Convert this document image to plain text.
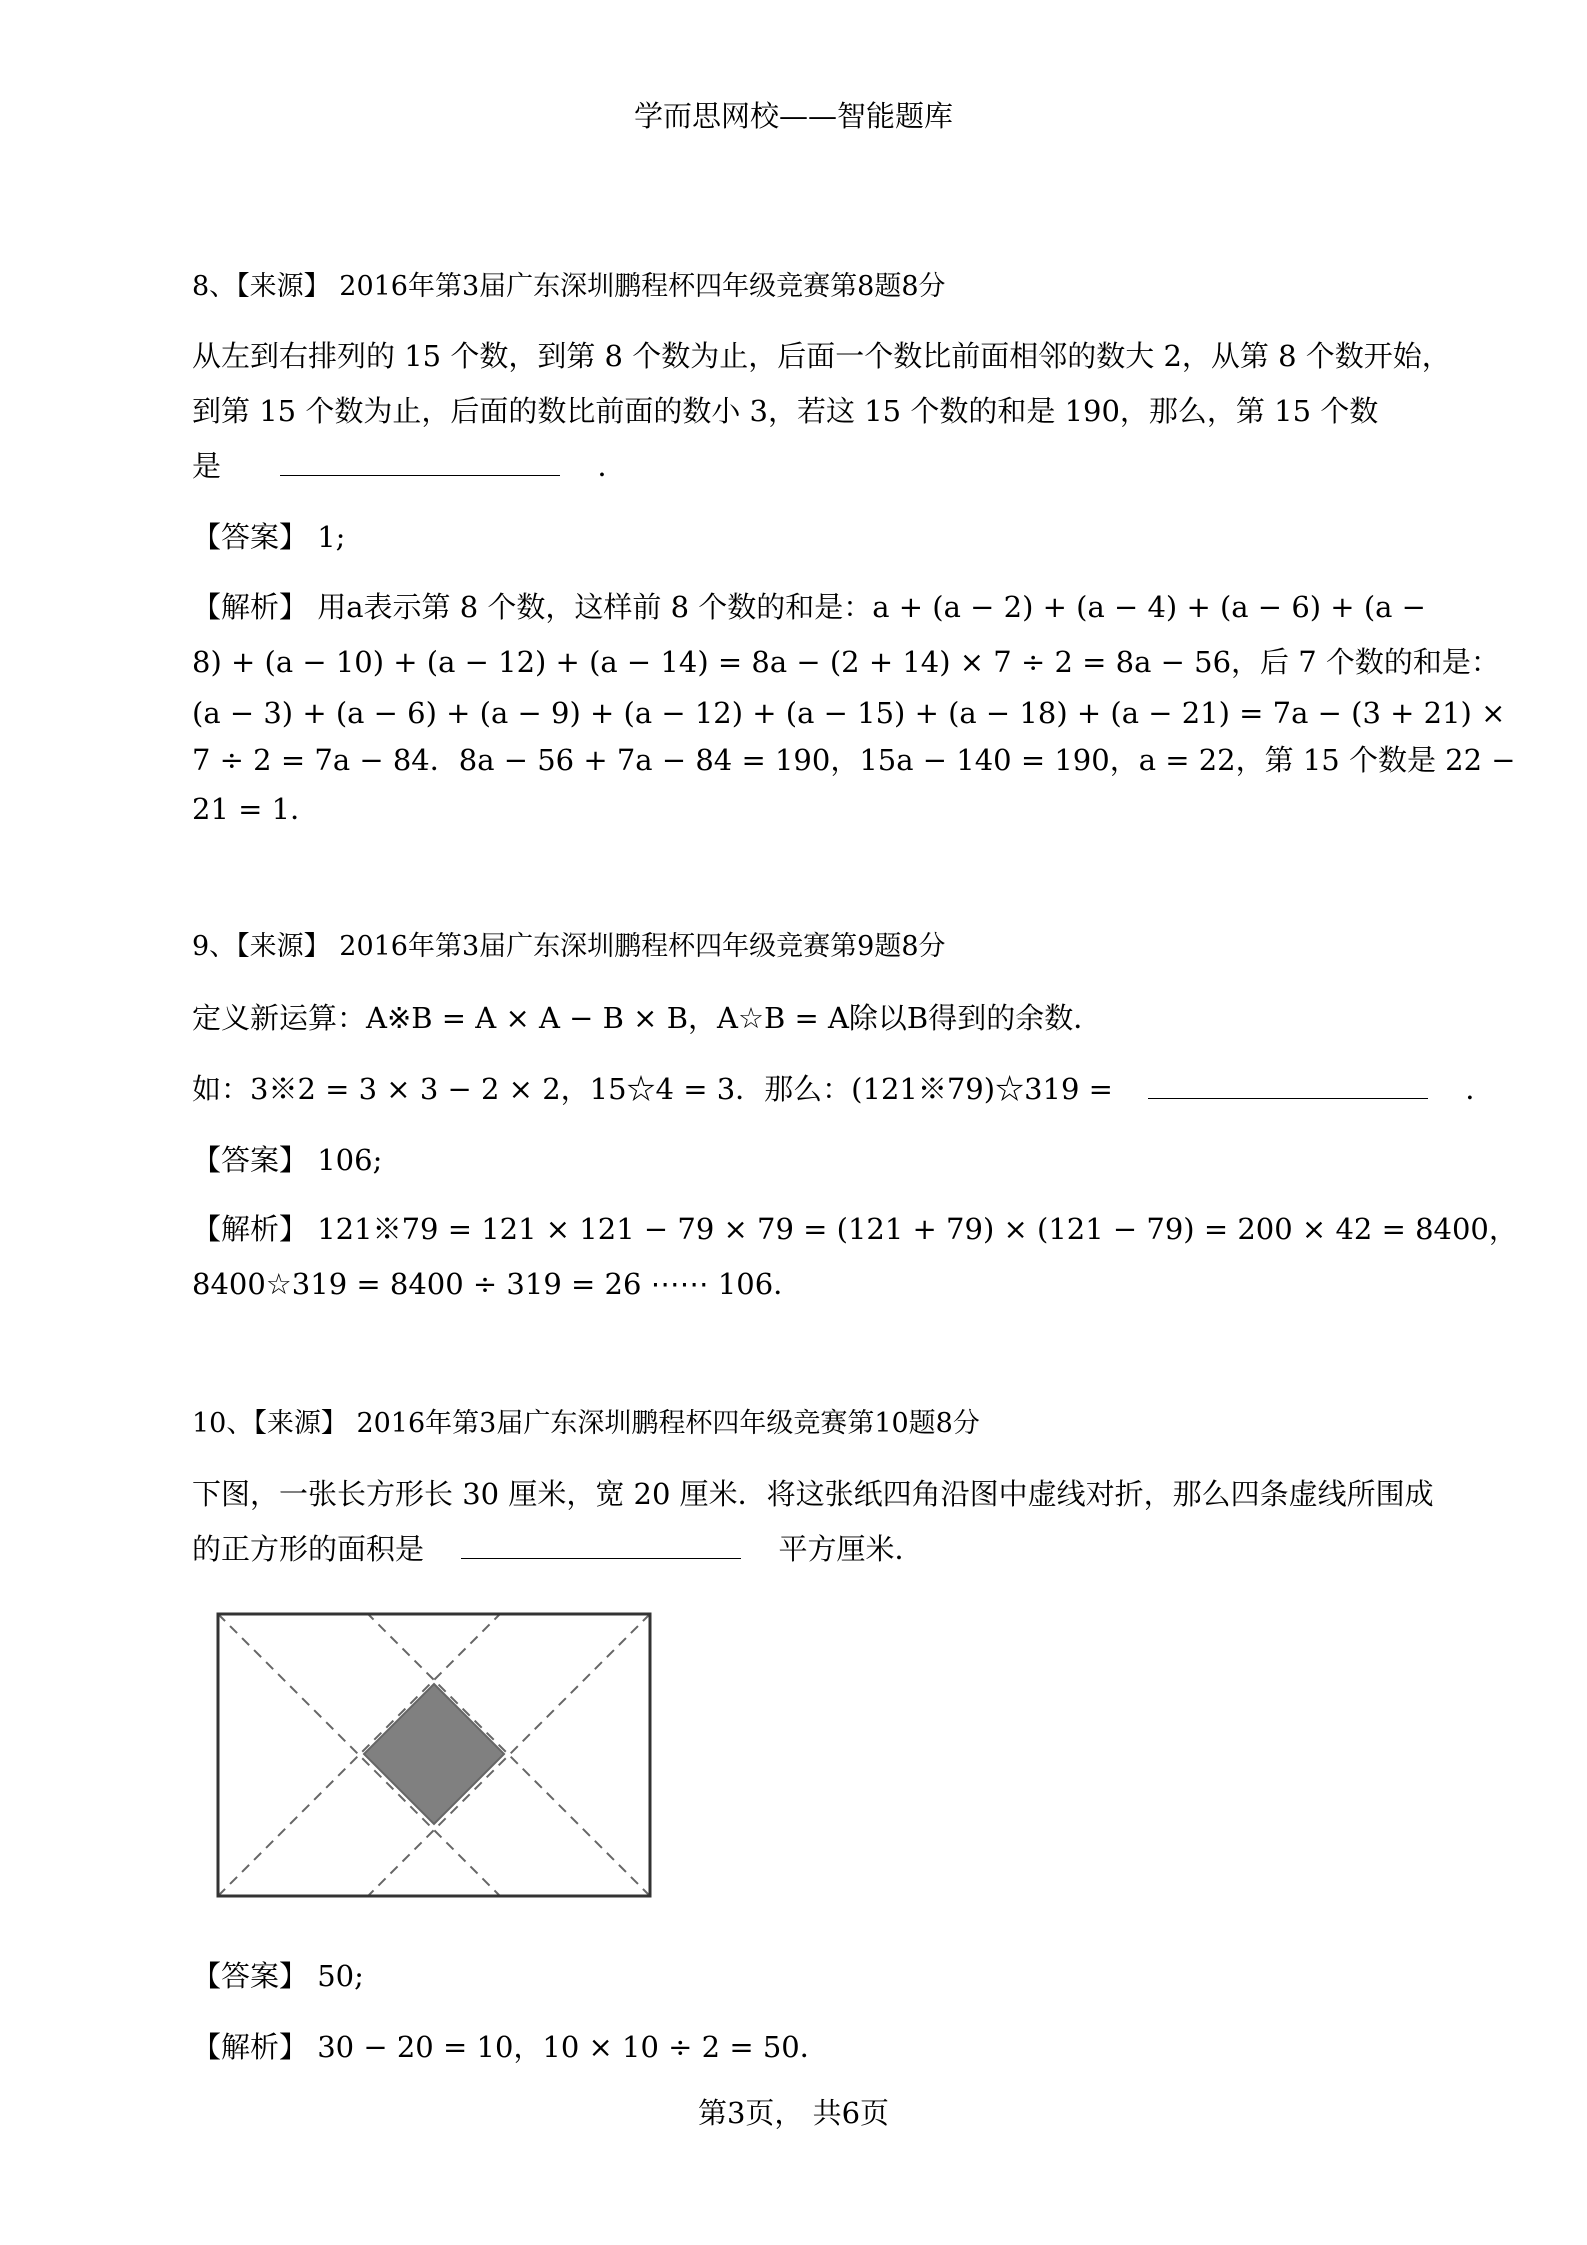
学而思网校——智能题库
8、【来源】 2016年第3届广东深圳鹏程杯四年级竞赛第8题8分
从左到右排列的 15 个数，到第 8 个数为止，后面一个数比前面相邻的数大 2，从第 8 个数开始，
到第 15 个数为止，后面的数比前面的数小 3，若这 15 个数的和是 190，那么，第 15 个数
是	．
【答案】 1;
【解析】 用a表示第 8 个数，这样前 8 个数的和是：a + (a − 2) + (a − 4) + (a − 6) + (a −
8) + (a − 10) + (a − 12) + (a − 14) = 8a − (2 + 14) × 7 ÷ 2 = 8a − 56，后 7 个数的和是：
(a − 3) + (a − 6) + (a − 9) + (a − 12) + (a − 15) + (a − 18) + (a − 21) = 7a − (3 + 21) ×
7 ÷ 2 = 7a − 84．8a − 56 + 7a − 84 = 190，15a − 140 = 190，a = 22，第 15 个数是 22 −
21 = 1．
9、【来源】 2016年第3届广东深圳鹏程杯四年级竞赛第9题8分
定义新运算：A※B = A × A − B × B，A☆B = A除以B得到的余数．
如：3※2 = 3 × 3 − 2 × 2，15☆4 = 3．那么：(121※79)☆319 =	．
【答案】 106;
【解析】 121※79 = 121 × 121 − 79 × 79 = (121 + 79) × (121 − 79) = 200 × 42 = 8400，
8400☆319 = 8400 ÷ 319 = 26 ⋯⋯ 106．
10、【来源】 2016年第3届广东深圳鹏程杯四年级竞赛第10题8分
下图，一张长方形长 30 厘米，宽 20 厘米．将这张纸四角沿图中虚线对折，那么四条虚线所围成
的正方形的面积是	平方厘米．
【答案】 50;
【解析】 30 − 20 = 10，10 × 10 ÷ 2 = 50．
第3页， 共6页
